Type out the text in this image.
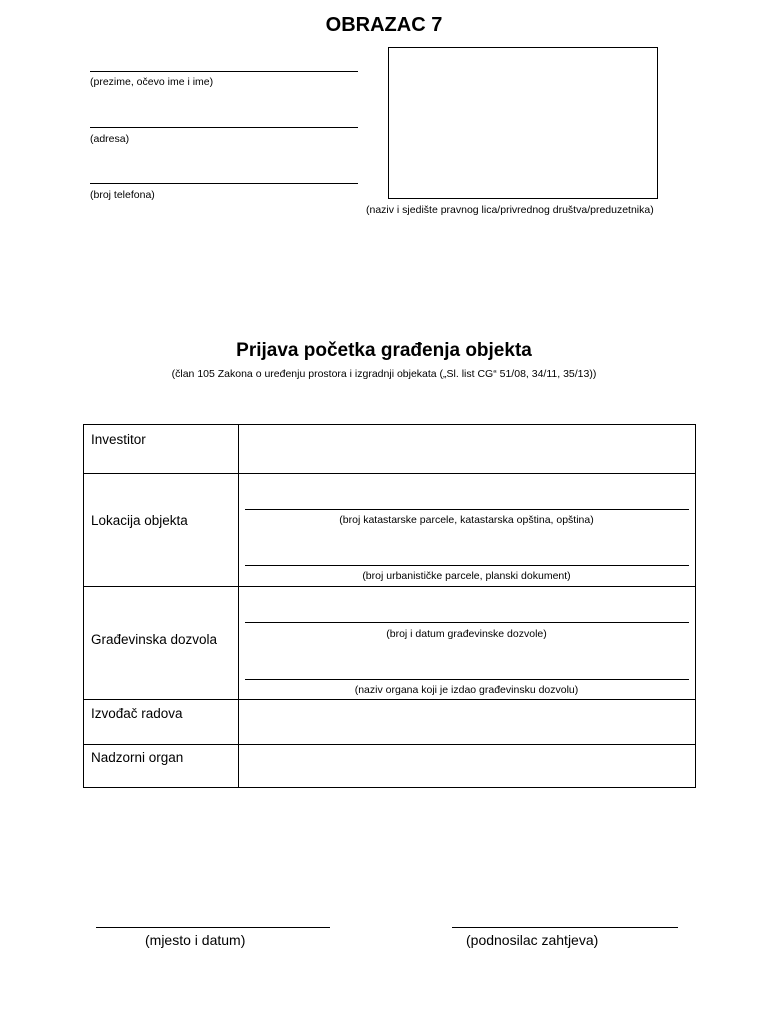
OBRAZAC 7
(prezime, očevo ime i ime)
(adresa)
(broj telefona)
(naziv i sjedište pravnog lica/privrednog društva/preduzetnika)
Prijava početka građenja objekta
(član 105 Zakona o uređenju prostora i izgradnji objekata („Sl. list CG“ 51/08, 34/11, 35/13))
Investitor
Lokacija objekta	(broj katastarske parcele, katastarska opština, opština)
(broj urbanističke parcele, planski dokument)
Građevinska dozvola	(broj i datum građevinske dozvole)
(naziv organa koji je izdao građevinsku dozvolu)
Izvođač radova
Nadzorni organ
(mjesto i datum)	(podnosilac zahtjeva)
